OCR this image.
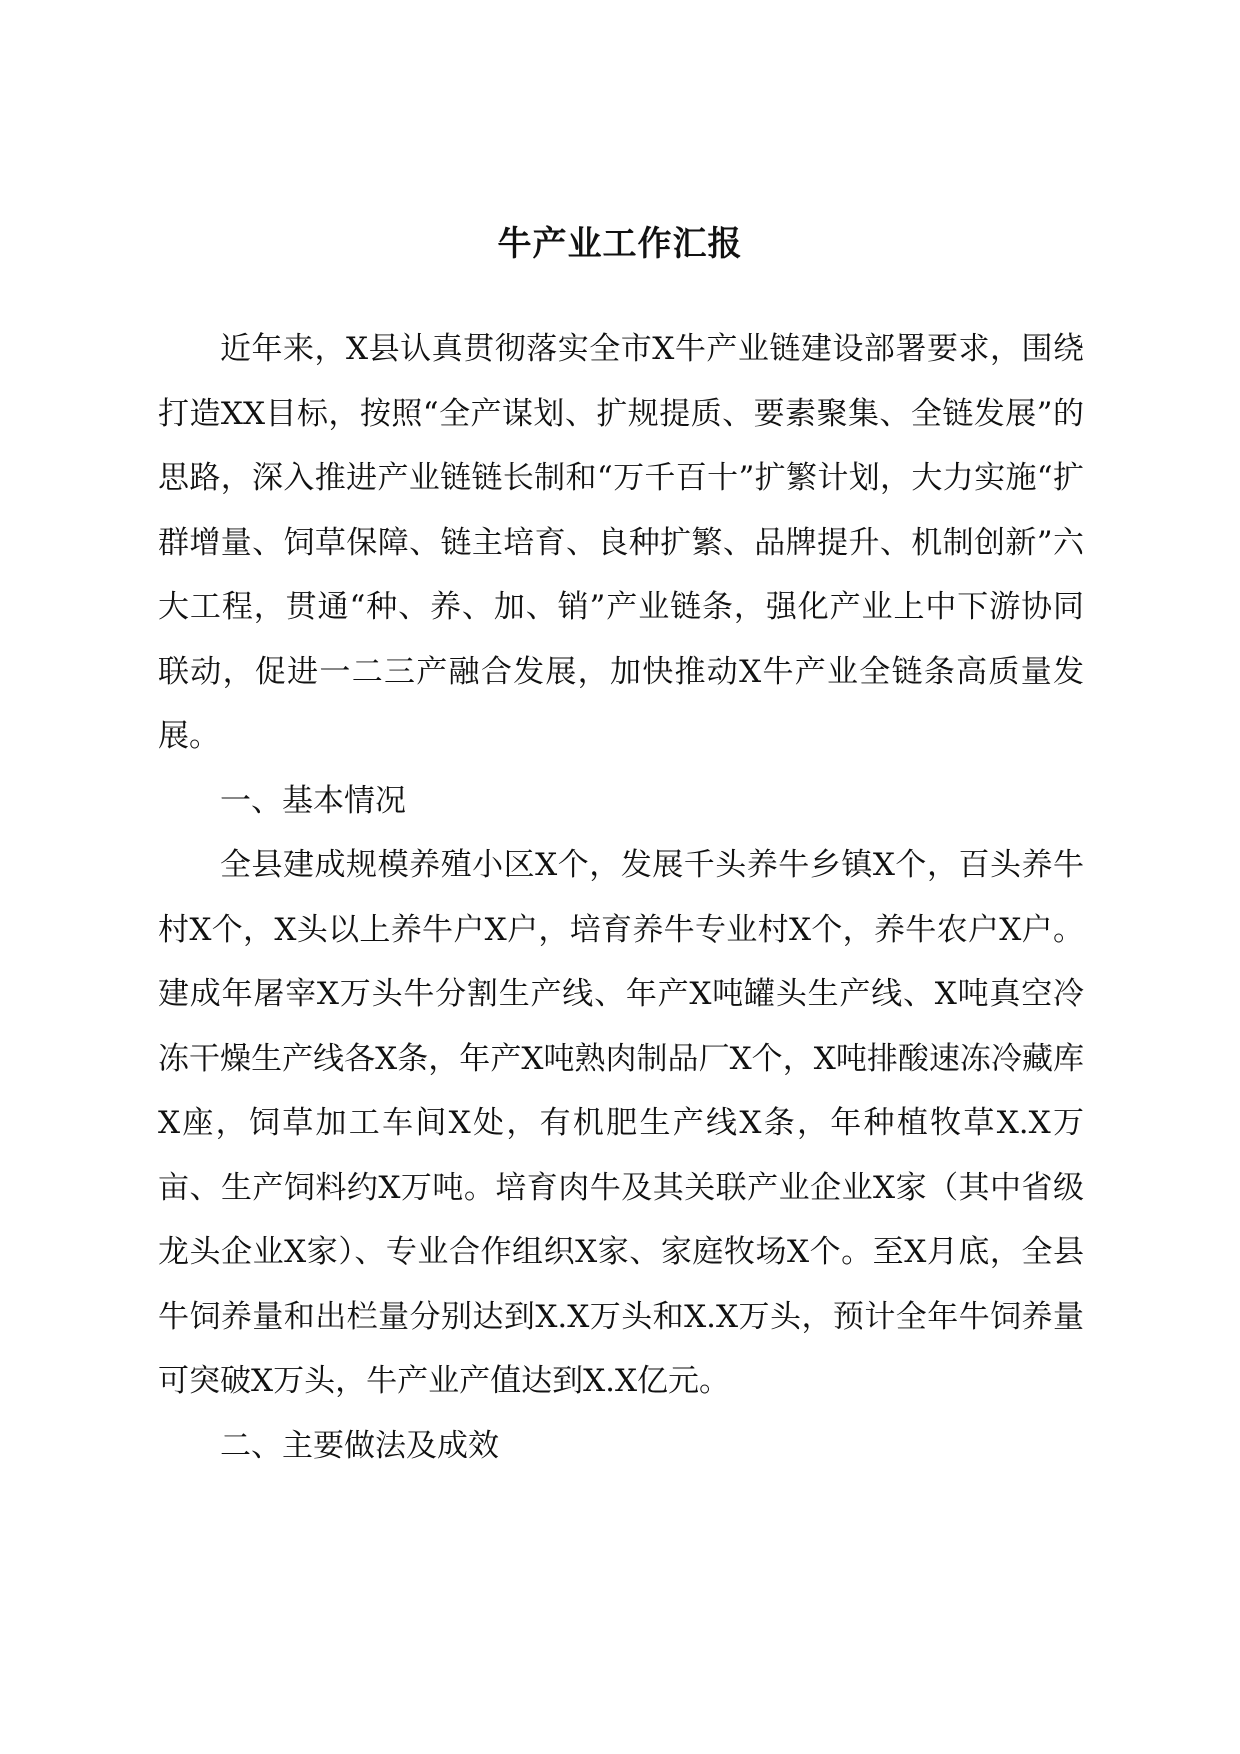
牛产业工作汇报

近年来，X县认真贯彻落实全市X牛产业链建设部署要求，围绕打造XX目标，按照“全产谋划、扩规提质、要素聚集、全链发展”的思路，深入推进产业链链长制和“万千百十”扩繁计划，大力实施“扩群增量、饲草保障、链主培育、良种扩繁、品牌提升、机制创新”六大工程，贯通“种、养、加、销”产业链条，强化产业上中下游协同联动，促进一二三产融合发展，加快推动X牛产业全链条高质量发展。

一、基本情况

全县建成规模养殖小区X个，发展千头养牛乡镇X个，百头养牛村X个，X头以上养牛户X户，培育养牛专业村X个，养牛农户X户。建成年屠宰X万头牛分割生产线、年产X吨罐头生产线、X吨真空冷冻干燥生产线各X条，年产X吨熟肉制品厂X个，X吨排酸速冻冷藏库X座，饲草加工车间X处，有机肥生产线X条，年种植牧草X.X万亩、生产饲料约X万吨。培育肉牛及其关联产业企业X家（其中省级龙头企业X家）、专业合作组织X家、家庭牧场X个。至X月底，全县牛饲养量和出栏量分别达到X.X万头和X.X万头，预计全年牛饲养量可突破X万头，牛产业产值达到X.X亿元。

二、主要做法及成效
